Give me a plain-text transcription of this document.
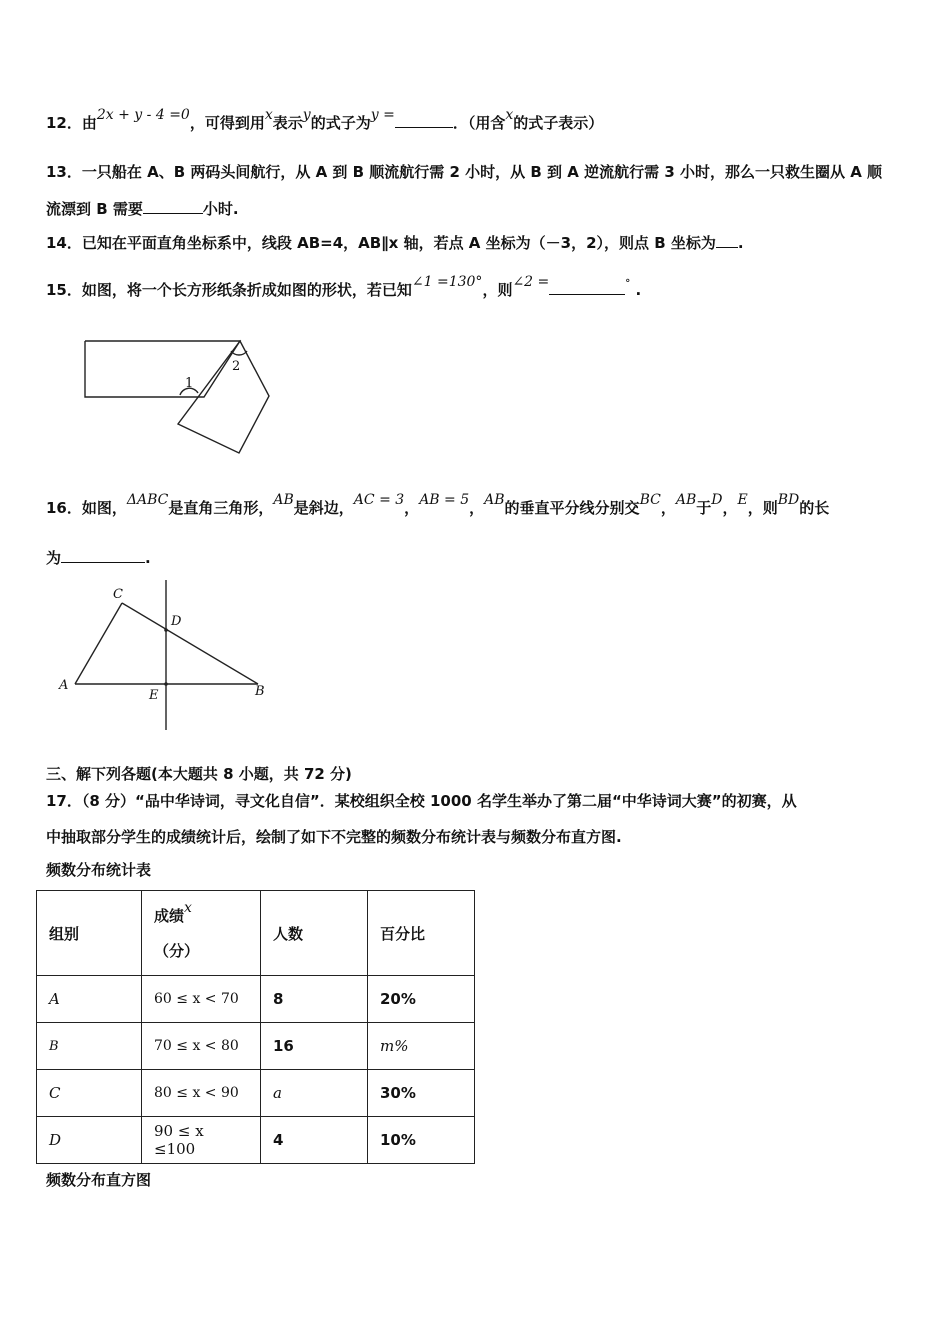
12．由2x + y - 4 =0，可得到用x表示y的式子为y =	．（用含x的式子表示）
13．一只船在 A、B 两码头间航行，从 A 到 B 顺流航行需 2 小时，从 B 到 A 逆流航行需 3 小时，那么一只救生圈从 A 顺
流漂到 B 需要	小时.
14．已知在平面直角坐标系中，线段 AB=4，AB∥x 轴，若点 A 坐标为（－3，2），则点 B 坐标为 .
15．如图，将一个长方形纸条折成如图的形状，若已知∠1 =130°，则∠2 =	° .
1
2
16．如图，ΔABC是直角三角形，AB是斜边，AC = 3，AB = 5，AB的垂直平分线分别交BC，AB于D，E，则BD的长
为	.
A	B
C
D
E
三、解下列各题(本大题共 8 小题，共 72 分)
17．（8 分）“品中华诗词，寻文化自信”．某校组织全校 1000 名学生举办了第二届“中华诗词大赛”的初赛，从
中抽取部分学生的成绩统计后，绘制了如下不完整的频数分布统计表与频数分布直方图.
频数分布统计表
组别	成绩x
（分）	人数	百分比
A	60 ≤ x < 70	8	20%
B	70 ≤ x < 80	16	m%
C	80 ≤ x < 90	a	30%
D	90 ≤ x ≤100	4	10%
频数分布直方图
